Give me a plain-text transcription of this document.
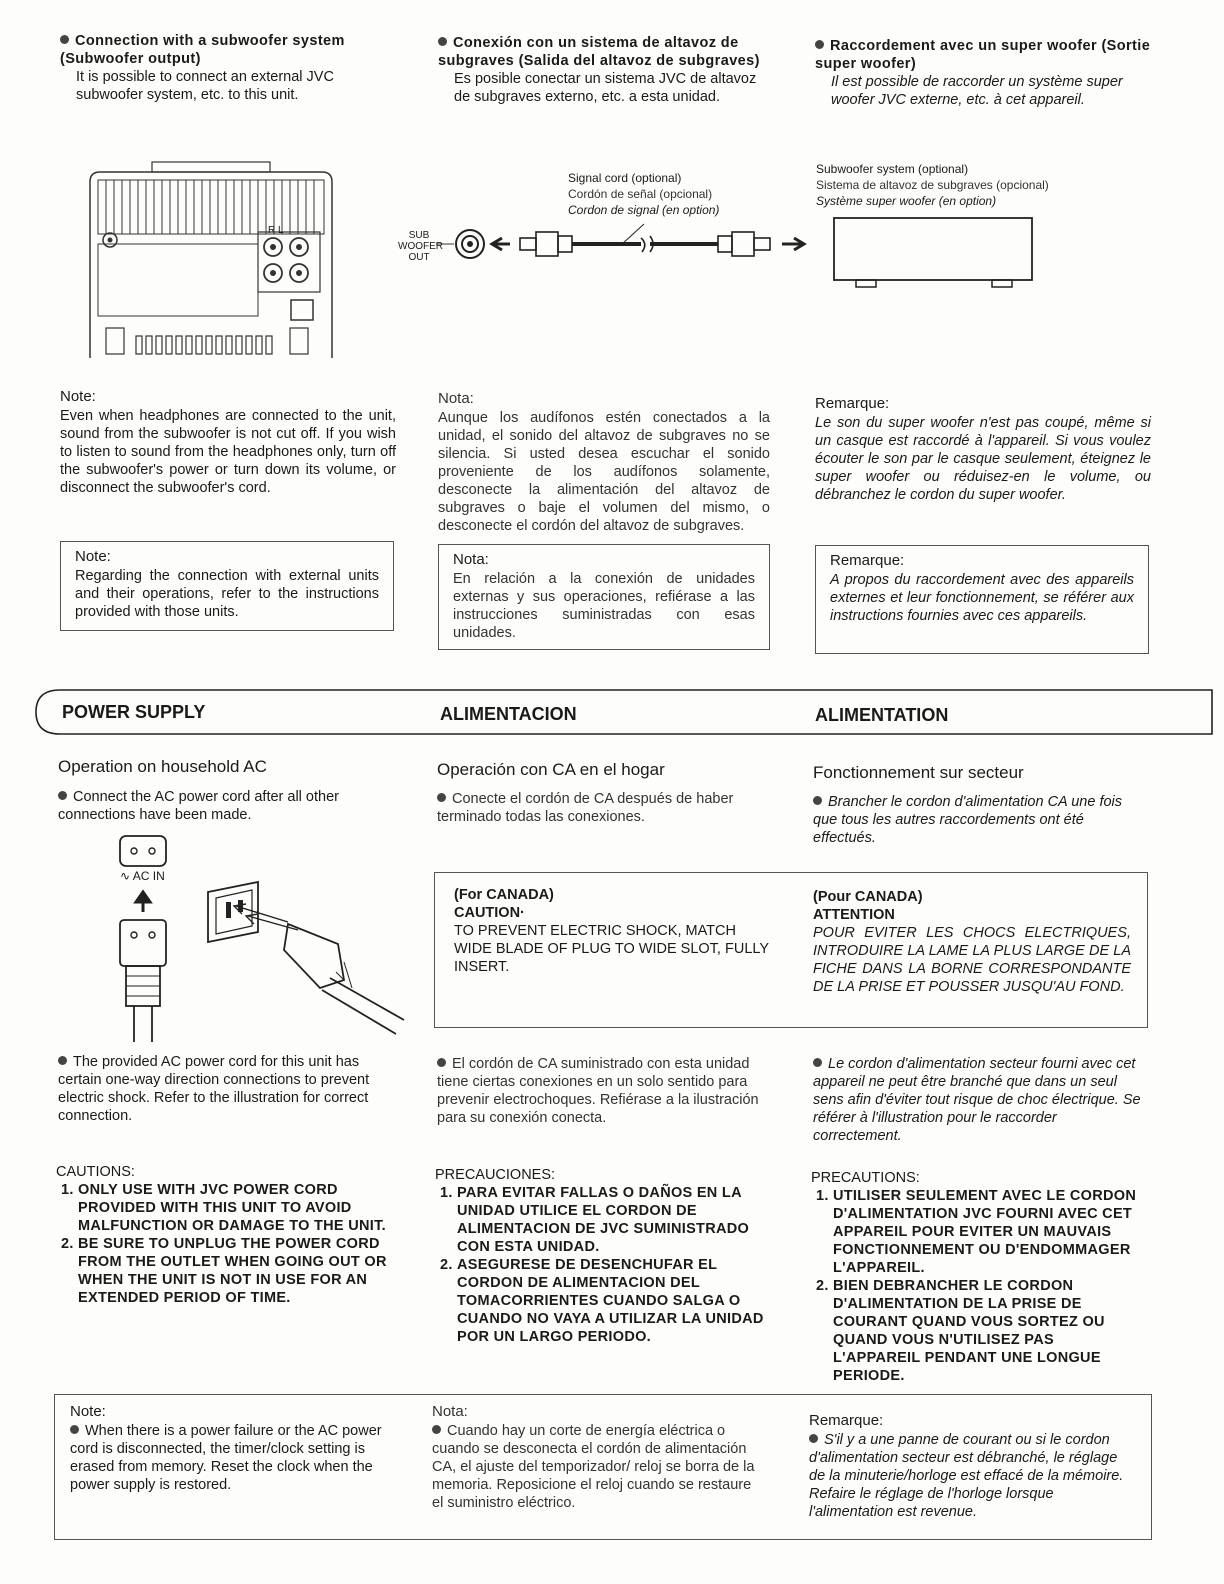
Connection with a subwoofer system (Subwoofer output)
It is possible to connect an external JVC subwoofer system, etc. to this unit.
Conexión con un sistema de altavoz de subgraves (Salida del altavoz de subgraves)
Es posible conectar un sistema JVC de altavoz de subgraves externo, etc. a esta unidad.
Raccordement avec un super woofer (Sortie super woofer)
Il est possible de raccorder un système super woofer JVC externe, etc. à cet appareil.
R L	SUB
WOOFER
OUT
Signal cord (optional)
Cordón de señal (opcional)
Cordon de signal (en option)
Subwoofer system (optional)
Sistema de altavoz de subgraves (opcional)
Système super woofer (en option)
Note:
Even when headphones are connected to the unit, sound from the subwoofer is not cut off. If you wish to listen to sound from the headphones only, turn off the subwoofer's power or turn down its volume, or disconnect the subwoofer's cord.
Nota:
Aunque los audífonos estén conectados a la unidad, el sonido del altavoz de subgraves no se silencia. Si usted desea escuchar el sonido proveniente de los audífonos solamente, desconecte la alimentación del altavoz de subgraves o baje el volumen del mismo, o desconecte el cordón del altavoz de subgraves.
Remarque:
Le son du super woofer n'est pas coupé, même si un casque est raccordé à l'appareil. Si vous voulez écouter le son par le casque seulement, éteignez le super woofer ou réduisez-en le volume, ou débranchez le cordon du super woofer.
Note:
Regarding the connection with external units and their operations, refer to the instructions provided with those units.
Nota:
En relación a la conexión de unidades externas y sus operaciones, refiérase a las instrucciones suministradas con esas unidades.
Remarque:
A propos du raccordement avec des appareils externes et leur fonctionnement, se référer aux instructions fournies avec ces appareils.
POWER SUPPLY	ALIMENTACION	ALIMENTATION
Operation on household AC
Connect the AC power cord after all other connections have been made.
Operación con CA en el hogar
Conecte el cordón de CA después de haber terminado todas las conexiones.
Fonctionnement sur secteur
Brancher le cordon d'alimentation CA une fois que tous les autres raccordements ont été effectués.
∿ AC IN
(For CANADA)
CAUTION·
TO PREVENT ELECTRIC SHOCK, MATCH WIDE BLADE OF PLUG TO WIDE SLOT, FULLY INSERT.
(Pour CANADA)
ATTENTION
POUR EVITER LES CHOCS ELECTRIQUES, INTRODUIRE LA LAME LA PLUS LARGE DE LA FICHE DANS LA BORNE CORRESPONDANTE DE LA PRISE ET POUSSER JUSQU'AU FOND.
The provided AC power cord for this unit has certain one-way direction connections to prevent electric shock. Refer to the illustration for correct connection.
El cordón de CA suministrado con esta unidad tiene ciertas conexiones en un solo sentido para prevenir electrochoques. Refiérase a la ilustración para su conexión conecta.
Le cordon d'alimentation secteur fourni avec cet appareil ne peut être branché que dans un seul sens afin d'éviter tout risque de choc électrique. Se référer à l'illustration pour le raccorder correctement.
CAUTIONS:
1. ONLY USE WITH JVC POWER CORD PROVIDED WITH THIS UNIT TO AVOID MALFUNCTION OR DAMAGE TO THE UNIT.
2. BE SURE TO UNPLUG THE POWER CORD FROM THE OUTLET WHEN GOING OUT OR WHEN THE UNIT IS NOT IN USE FOR AN EXTENDED PERIOD OF TIME.
PRECAUCIONES:
1. PARA EVITAR FALLAS O DAÑOS EN LA UNIDAD UTILICE EL CORDON DE ALIMENTACION DE JVC SUMINISTRADO CON ESTA UNIDAD.
2. ASEGURESE DE DESENCHUFAR EL CORDON DE ALIMENTACION DEL TOMACORRIENTES CUANDO SALGA O CUANDO NO VAYA A UTILIZAR LA UNIDAD POR UN LARGO PERIODO.
PRECAUTIONS:
1. UTILISER SEULEMENT AVEC LE CORDON D'ALIMENTATION JVC FOURNI AVEC CET APPAREIL POUR EVITER UN MAUVAIS FONCTIONNEMENT OU D'ENDOMMAGER L'APPAREIL.
2. BIEN DEBRANCHER LE CORDON D'ALIMENTATION DE LA PRISE DE COURANT QUAND VOUS SORTEZ OU QUAND VOUS N'UTILISEZ PAS L'APPAREIL PENDANT UNE LONGUE PERIODE.
Note:
When there is a power failure or the AC power cord is disconnected, the timer/clock setting is erased from memory. Reset the clock when the power supply is restored.
Nota:
Cuando hay un corte de energía eléctrica o cuando se desconecta el cordón de alimentación CA, el ajuste del temporizador/ reloj se borra de la memoria. Reposicione el reloj cuando se restaure el suministro eléctrico.
Remarque:
S'il y a une panne de courant ou si le cordon d'alimentation secteur est débranché, le réglage de la minuterie/horloge est effacé de la mémoire. Refaire le réglage de l'horloge lorsque l'alimentation est revenue.
